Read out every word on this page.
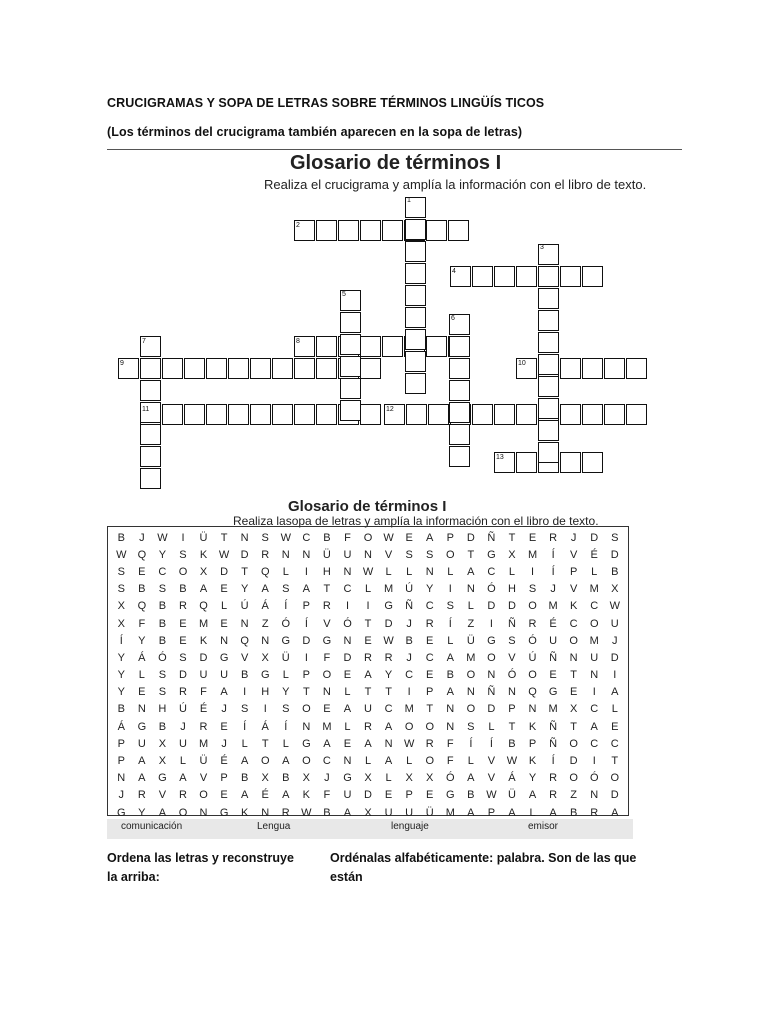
CRUCIGRAMAS Y SOPA DE LETRAS SOBRE TÉRMINOS LINGÜÍS TICOS
(Los términos del crucigrama también aparecen en la sopa de letras)
Glosario de términos I
Realiza el crucigrama y amplía la información con el libro de texto.
1
2
3
4
5
6
7	8
9	10
11	12
13
Glosario de términos I
Realiza lasopa de letras y amplía la información con el libro de texto.
B	J	W	I	Ü	T	N	S	W	C	B	F	O	W	E	A	P	D	Ñ	T	E	R	J	D	S
W	Q	Y	S	K	W	D	R	N	N	Ü	U	N	V	S	S	O	T	G	X	M	Í	V	É	D
S	E	C	O	X	D	T	Q	L	I	H	N	W	L	L	N	L	A	C	L	I	Í	P	L	B
S	B	S	B	A	E	Y	A	S	A	T	C	L	M	Ú	Y	I	N	Ó	H	S	J	V	M	X
X	Q	B	R	Q	L	Ú	Á	Í	P	R	I	I	G	Ñ	C	S	L	D	D	O	M	K	C	W
X	F	B	E	M	E	N	Z	Ó	Í	V	Ó	T	D	J	R	Í	Z	I	Ñ	R	É	C	O	U
Í	Y	B	E	K	N	Q	N	G	D	G	N	E	W	B	E	L	Ü	G	S	Ó	U	O	M	J
Y	Á	Ó	S	D	G	V	X	Ü	I	F	D	R	R	J	C	A	M	O	V	Ú	Ñ	N	U	D
Y	L	S	D	U	U	B	G	L	P	O	E	A	Y	C	E	B	O	N	Ó	O	E	T	N	I
Y	E	S	R	F	A	I	H	Y	T	N	L	T	T	I	P	A	N	Ñ	N	Q	G	E	I	A
B	N	H	Ú	É	J	S	I	S	O	E	A	U	C	M	T	N	O	D	P	N	M	X	C	L
Á	G	B	J	R	E	Í	Á	Í	N	M	L	R	A	O	O	N	S	L	T	K	Ñ	T	A	E
P	U	X	U	M	J	L	T	L	G	A	E	A	N	W	R	F	Í	Í	B	P	Ñ	O	C	C
P	A	X	L	Ü	É	A	O	A	O	C	N	L	A	L	O	F	L	V	W	K	Í	D	I	T
N	A	G	A	V	P	B	X	B	X	J	G	X	L	X	X	Ó	A	V	Á	Y	R	O	Ó	O
J	R	V	R	O	E	A	É	A	K	F	U	D	E	P	E	G	B	W	Ü	A	R	Z	N	D
G	Y	A	O	N	G	K	N	R	W	B	A	X	U	U	Ü	M	A	P	A	L	A	B	R	A
comunicación	Lengua	lenguaje	emisor
Ordena las letras y reconstruye la arriba:
Ordénalas alfabéticamente: palabra. Son de las que están
